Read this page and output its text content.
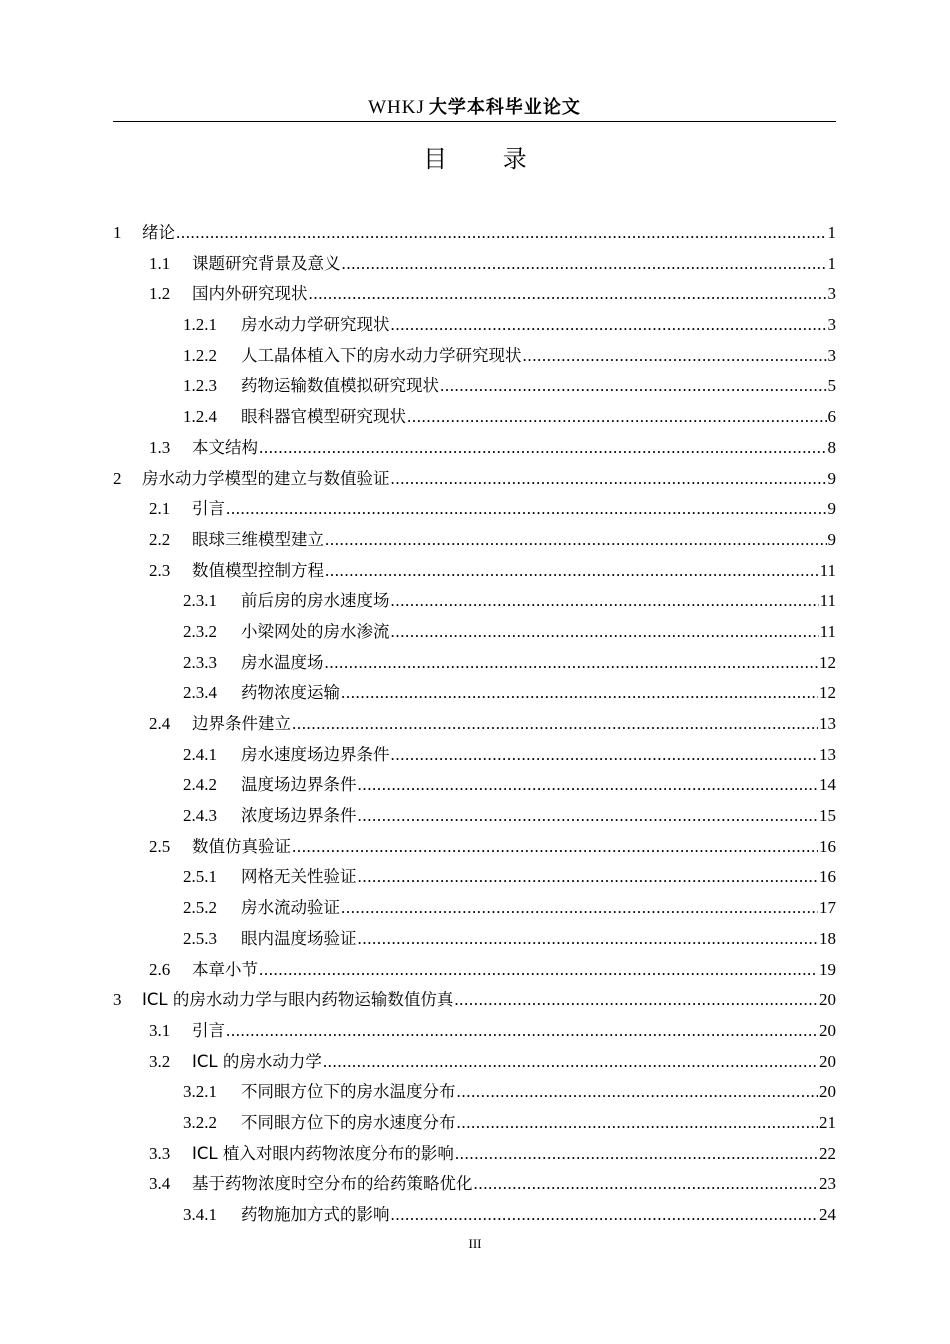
WHKJ 大学本科毕业论文
目 录
1	绪论 .....	1
1.1	课题研究背景及意义 .....	1
1.2	国内外研究现状 .....	3
1.2.1	房水动力学研究现状 .....	3
1.2.2	人工晶体植入下的房水动力学研究现状 .....	3
1.2.3	药物运输数值模拟研究现状 .....	5
1.2.4	眼科器官模型研究现状 .....	6
1.3	本文结构 .....	8
2	房水动力学模型的建立与数值验证 .....	9
2.1	引言 .....	9
2.2	眼球三维模型建立 .....	9
2.3	数值模型控制方程 .....	11
2.3.1	前后房的房水速度场 .....	11
2.3.2	小梁网处的房水渗流 .....	11
2.3.3	房水温度场 .....	12
2.3.4	药物浓度运输 .....	12
2.4	边界条件建立 .....	13
2.4.1	房水速度场边界条件 .....	13
2.4.2	温度场边界条件 .....	14
2.4.3	浓度场边界条件 .....	15
2.5	数值仿真验证 .....	16
2.5.1	网格无关性验证 .....	16
2.5.2	房水流动验证 .....	17
2.5.3	眼内温度场验证 .....	18
2.6	本章小节 .....	19
3	ICL 的房水动力学与眼内药物运输数值仿真 .....	20
3.1	引言 .....	20
3.2	ICL 的房水动力学 .....	20
3.2.1	不同眼方位下的房水温度分布 .....	20
3.2.2	不同眼方位下的房水速度分布 .....	21
3.3	ICL 植入对眼内药物浓度分布的影响 .....	22
3.4	基于药物浓度时空分布的给药策略优化 .....	23
3.4.1	药物施加方式的影响 .....	24
III
